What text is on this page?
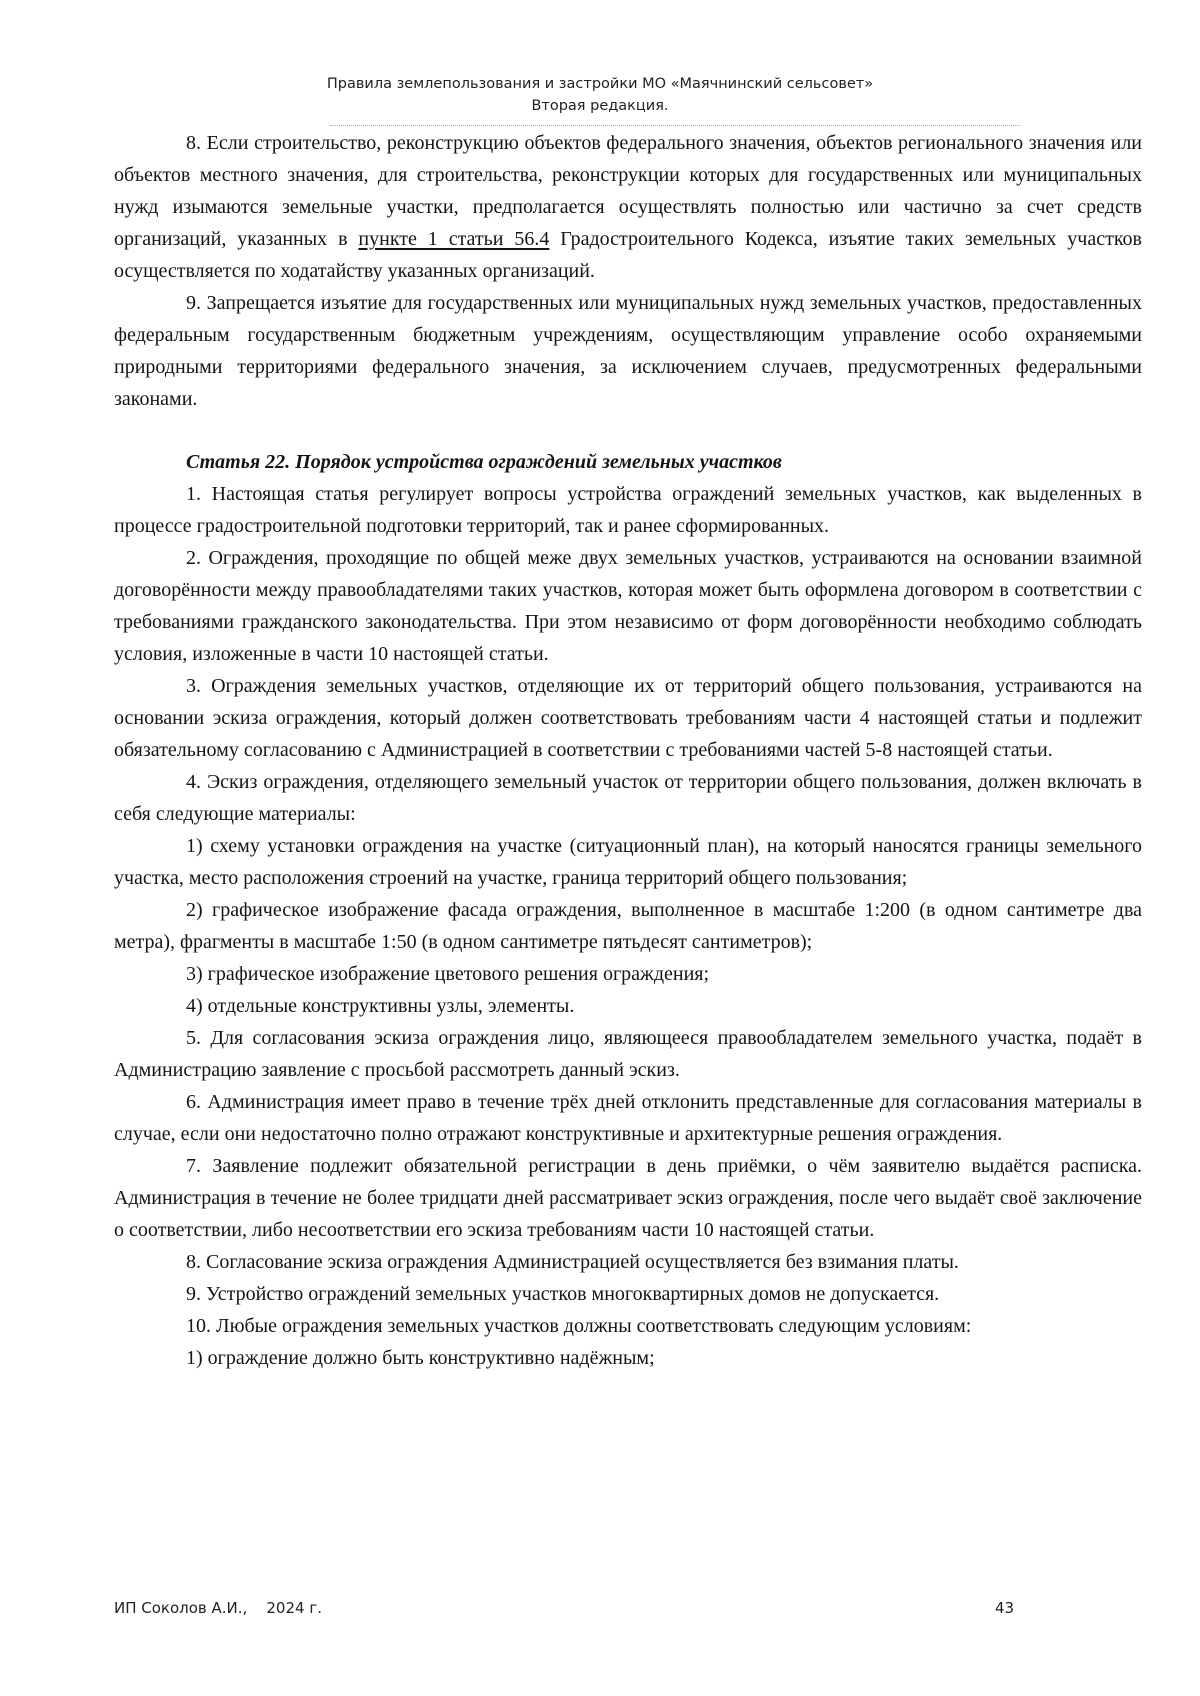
Правила землепользования и застройки МО «Маячнинский сельсовет»
Вторая редакция.

8. Если строительство, реконструкцию объектов федерального значения, объектов регионального значения или объектов местного значения, для строительства, реконструкции которых для государственных или муниципальных нужд изымаются земельные участки, предполагается осуществлять полностью или частично за счет средств организаций, указанных в пункте 1 статьи 56.4 Градостроительного Кодекса, изъятие таких земельных участков осуществляется по ходатайству указанных организаций.

9. Запрещается изъятие для государственных или муниципальных нужд земельных участков, предоставленных федеральным государственным бюджетным учреждениям, осуществляющим управление особо охраняемыми природными территориями федерального значения, за исключением случаев, предусмотренных федеральными законами.

Статья 22. Порядок устройства ограждений земельных участков

1. Настоящая статья регулирует вопросы устройства ограждений земельных участков, как выделенных в процессе градостроительной подготовки территорий, так и ранее сформированных.

2. Ограждения, проходящие по общей меже двух земельных участков, устраиваются на основании взаимной договорённости между правообладателями таких участков, которая может быть оформлена договором в соответствии с требованиями гражданского законодательства. При этом независимо от форм договорённости необходимо соблюдать условия, изложенные в части 10 настоящей статьи.

3. Ограждения земельных участков, отделяющие их от территорий общего пользования, устраиваются на основании эскиза ограждения, который должен соответствовать требованиям части 4 настоящей статьи и подлежит обязательному согласованию с Администрацией в соответствии с требованиями частей 5-8 настоящей статьи.

4. Эскиз ограждения, отделяющего земельный участок от территории общего пользования, должен включать в себя следующие материалы:

1) схему установки ограждения на участке (ситуационный план), на который наносятся границы земельного участка, место расположения строений на участке, граница территорий общего пользования;

2) графическое изображение фасада ограждения, выполненное в масштабе 1:200 (в одном сантиметре два метра), фрагменты в масштабе 1:50 (в одном сантиметре пятьдесят сантиметров);

3) графическое изображение цветового решения ограждения;

4) отдельные конструктивны узлы, элементы.

5. Для согласования эскиза ограждения лицо, являющееся правообладателем земельного участка, подаёт в Администрацию заявление с просьбой рассмотреть данный эскиз.

6. Администрация имеет право в течение трёх дней отклонить представленные для согласования материалы в случае, если они недостаточно полно отражают конструктивные и архитектурные решения ограждения.

7. Заявление подлежит обязательной регистрации в день приёмки, о чём заявителю выдаётся расписка. Администрация в течение не более тридцати дней рассматривает эскиз ограждения, после чего выдаёт своё заключение о соответствии, либо несоответствии его эскиза требованиям части 10 настоящей статьи.

8. Согласование эскиза ограждения Администрацией осуществляется без взимания платы.

9. Устройство ограждений земельных участков многоквартирных домов не допускается.

10. Любые ограждения земельных участков должны соответствовать следующим условиям:

1) ограждение должно быть конструктивно надёжным;

ИП Соколов А.И.,    2024 г.	43
